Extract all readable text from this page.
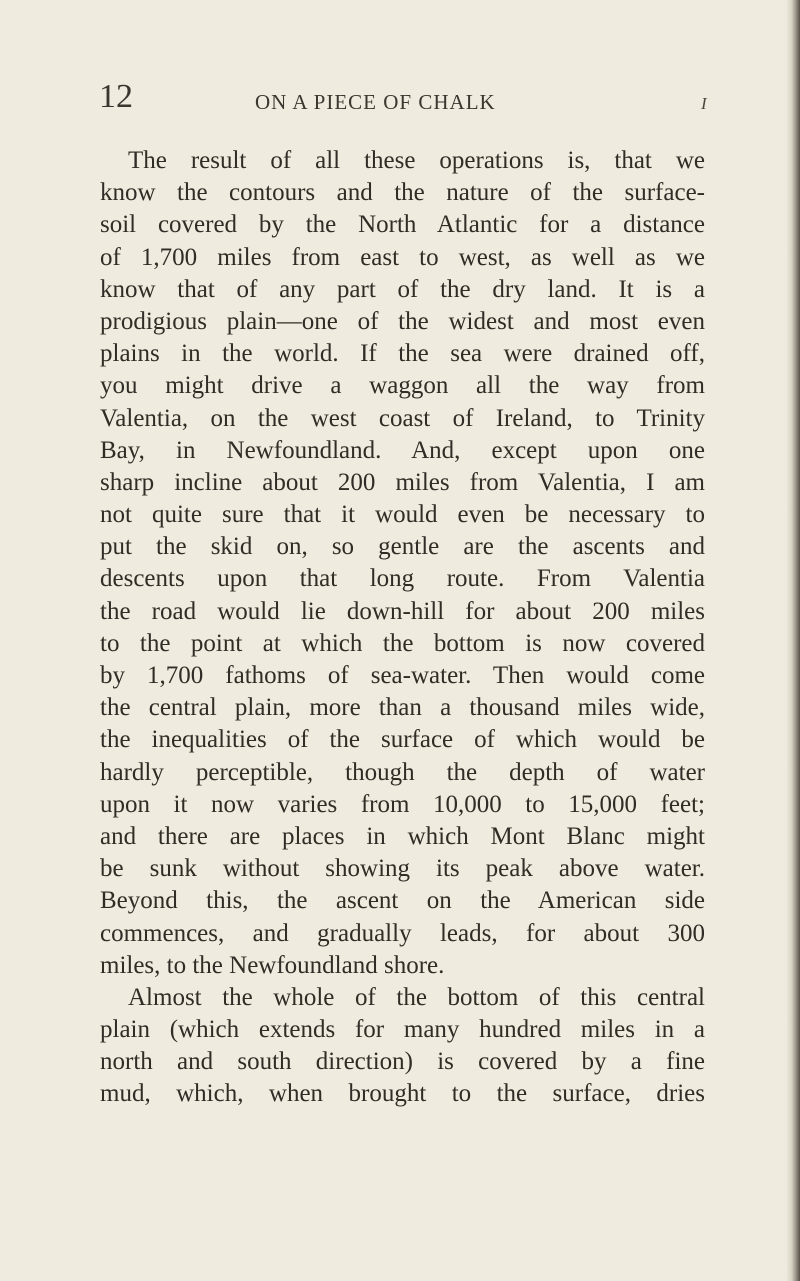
12	ON A PIECE OF CHALK	I
The result of all these operations is, that we
know the contours and the nature of the surface-
soil covered by the North Atlantic for a distance
of 1,700 miles from east to west, as well as we
know that of any part of the dry land. It is a
prodigious plain—one of the widest and most even
plains in the world. If the sea were drained off,
you might drive a waggon all the way from
Valentia, on the west coast of Ireland, to Trinity
Bay, in Newfoundland. And, except upon one
sharp incline about 200 miles from Valentia, I am
not quite sure that it would even be necessary to
put the skid on, so gentle are the ascents and
descents upon that long route. From Valentia
the road would lie down-hill for about 200 miles
to the point at which the bottom is now covered
by 1,700 fathoms of sea-water. Then would come
the central plain, more than a thousand miles wide,
the inequalities of the surface of which would be
hardly perceptible, though the depth of water
upon it now varies from 10,000 to 15,000 feet;
and there are places in which Mont Blanc might
be sunk without showing its peak above water.
Beyond this, the ascent on the American side
commences, and gradually leads, for about 300
miles, to the Newfoundland shore.
Almost the whole of the bottom of this central
plain (which extends for many hundred miles in a
north and south direction) is covered by a fine
mud, which, when brought to the surface, dries
